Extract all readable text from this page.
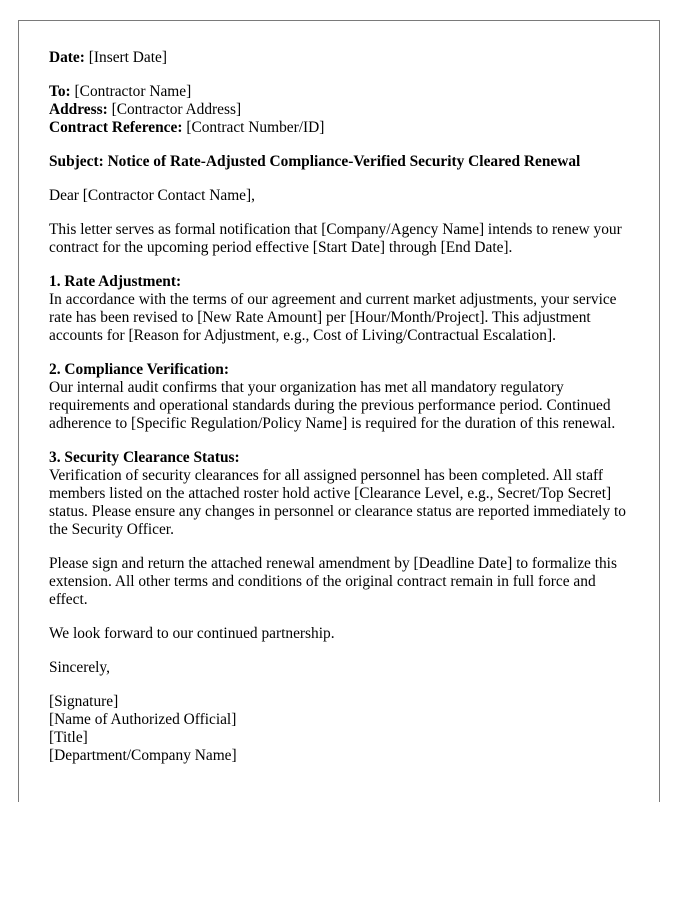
Date: [Insert Date]

To: [Contractor Name]

Address: [Contractor Address]

Contract Reference: [Contract Number/ID]

Subject: Notice of Rate-Adjusted Compliance-Verified Security Cleared Renewal

Dear [Contractor Contact Name],

This letter serves as formal notification that [Company/Agency Name] intends to renew your contract for the upcoming period effective [Start Date] through [End Date].

1. Rate Adjustment:

In accordance with the terms of our agreement and current market adjustments, your service rate has been revised to [New Rate Amount] per [Hour/Month/Project]. This adjustment accounts for [Reason for Adjustment, e.g., Cost of Living/Contractual Escalation].

2. Compliance Verification:

Our internal audit confirms that your organization has met all mandatory regulatory requirements and operational standards during the previous performance period. Continued adherence to [Specific Regulation/Policy Name] is required for the duration of this renewal.

3. Security Clearance Status:

Verification of security clearances for all assigned personnel has been completed. All staff members listed on the attached roster hold active [Clearance Level, e.g., Secret/Top Secret] status. Please ensure any changes in personnel or clearance status are reported immediately to the Security Officer.

Please sign and return the attached renewal amendment by [Deadline Date] to formalize this extension. All other terms and conditions of the original contract remain in full force and effect.

We look forward to our continued partnership.

Sincerely,

[Signature]

[Name of Authorized Official]

[Title]

[Department/Company Name]
